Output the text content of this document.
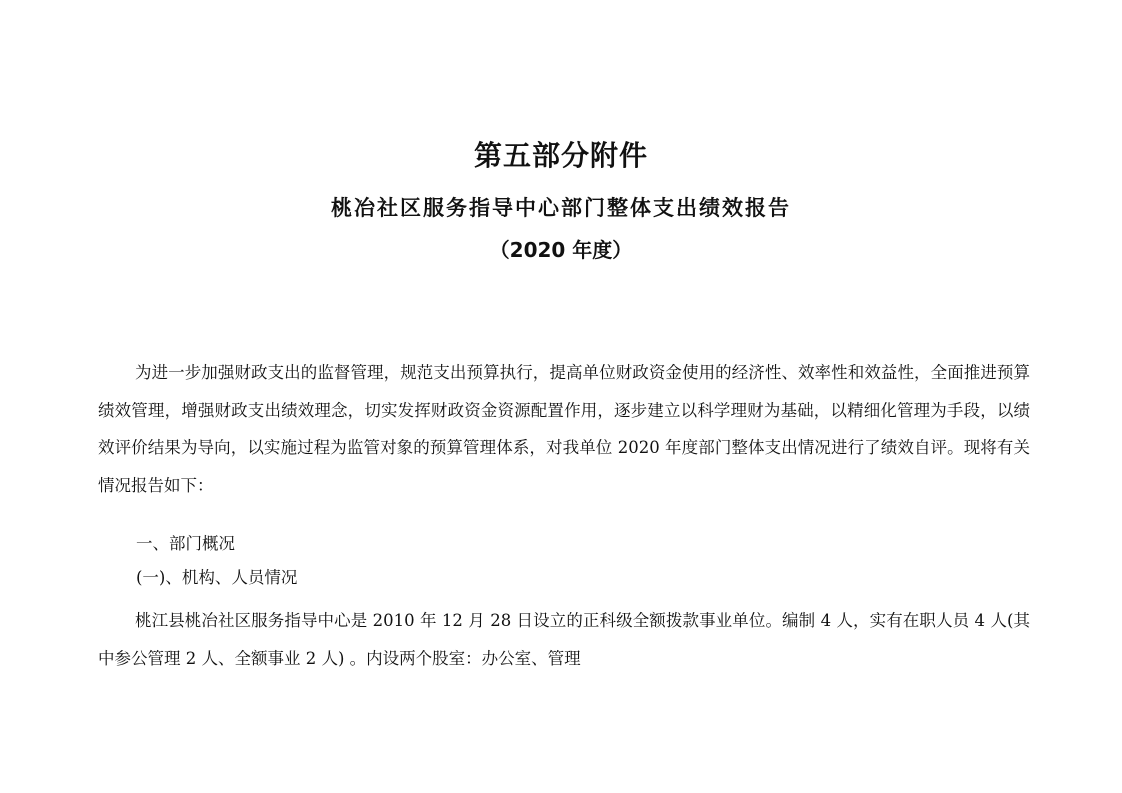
第五部分附件
桃冶社区服务指导中心部门整体支出绩效报告
（2020 年度）

为进一步加强财政支出的监督管理，规范支出预算执行，提高单位财政资金使用的经济性、效率性和效益性，全面推进预算绩效管理，增强财政支出绩效理念，切实发挥财政资金资源配置作用，逐步建立以科学理财为基础，以精细化管理为手段，以绩效评价结果为导向，以实施过程为监管对象的预算管理体系，对我单位 2020 年度部门整体支出情况进行了绩效自评。现将有关情况报告如下：

一、部门概况

(一)、机构、人员情况

桃江县桃冶社区服务指导中心是 2010 年 12 月 28 日设立的正科级全额拨款事业单位。编制 4 人，实有在职人员 4 人(其中参公管理 2 人、全额事业 2 人) 。内设两个股室：办公室、管理
